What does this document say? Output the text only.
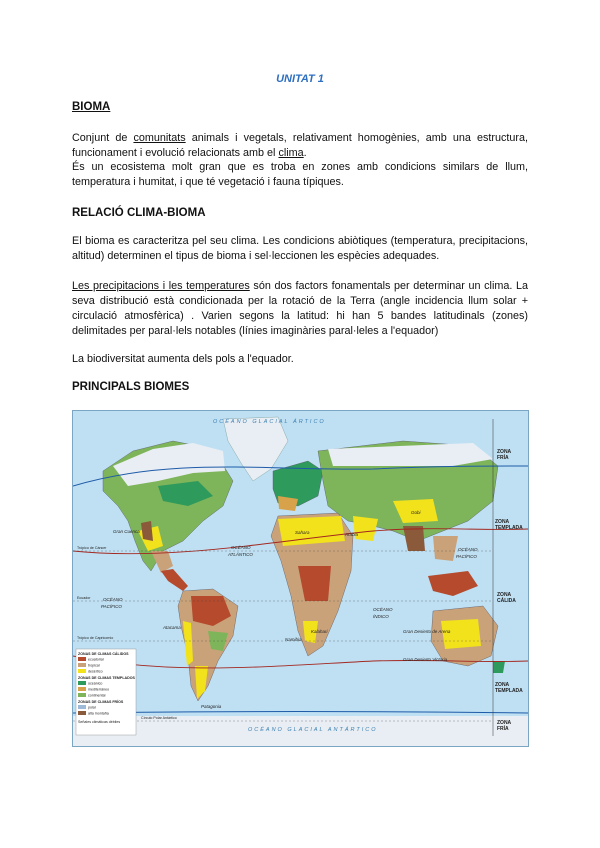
UNITAT 1
BIOMA
Conjunt de comunitats animals i vegetals, relativament homogènies, amb una estructura, funcionament i evolució relacionats amb el clima.
És un ecosistema molt gran que es troba en zones amb condicions similars de llum, temperatura i humitat, i que té vegetació i fauna típiques.
RELACIÓ CLIMA-BIOMA
El bioma es caracteritza pel seu clima. Les condicions abiòtiques (temperatura, precipitacions, altitud) determinen el tipus de bioma i sel·leccionen les espècies adequades.
Les precipitacions i les temperatures són dos factors fonamentals per determinar un clima. La seva distribució està condicionada per la rotació de la Terra (angle incidencia llum solar + circulació atmosfèrica) . Varien segons la latitud: hi han 5 bandes latitudinals (zones) delimitades per paral·lels notables (línies imaginàries paral·leles a l'equador)
La biodiversitat aumenta dels pols a l'equador.
PRINCIPALS BIOMES
OCÉANO GLACIAL ÁRTICO
OCÉANO GLACIAL ANTÁRTICO
OCÉANO
ATLÁNTICO
OCÉANO
PACÍFICO
OCÉANO
PACÍFICO
OCÉANO
ÍNDICO
Gran Cuenca	Sahara	Arabia
Gobi
Atacama
Kalahari
Namibia
Patagonia
Gran Desierto de Arena
Gran Desierto Victoria
Trópico de Cáncer
Ecuador
Trópico de Capricornio
Círculo Polar Antártico
ZONA
FRÍA
ZONA
TEMPLADA
ZONA
CÁLIDA
ZONA
TEMPLADA
ZONA
FRÍA
ZONAS DE CLIMAS CÁLIDOS
ecuatorial
tropical
desértico
ZONAS DE CLIMAS TEMPLADOS
oceánico
mediterráneo
continental
ZONAS DE CLIMAS FRÍOS
polar
alta montaña
Señales climáticas débiles
